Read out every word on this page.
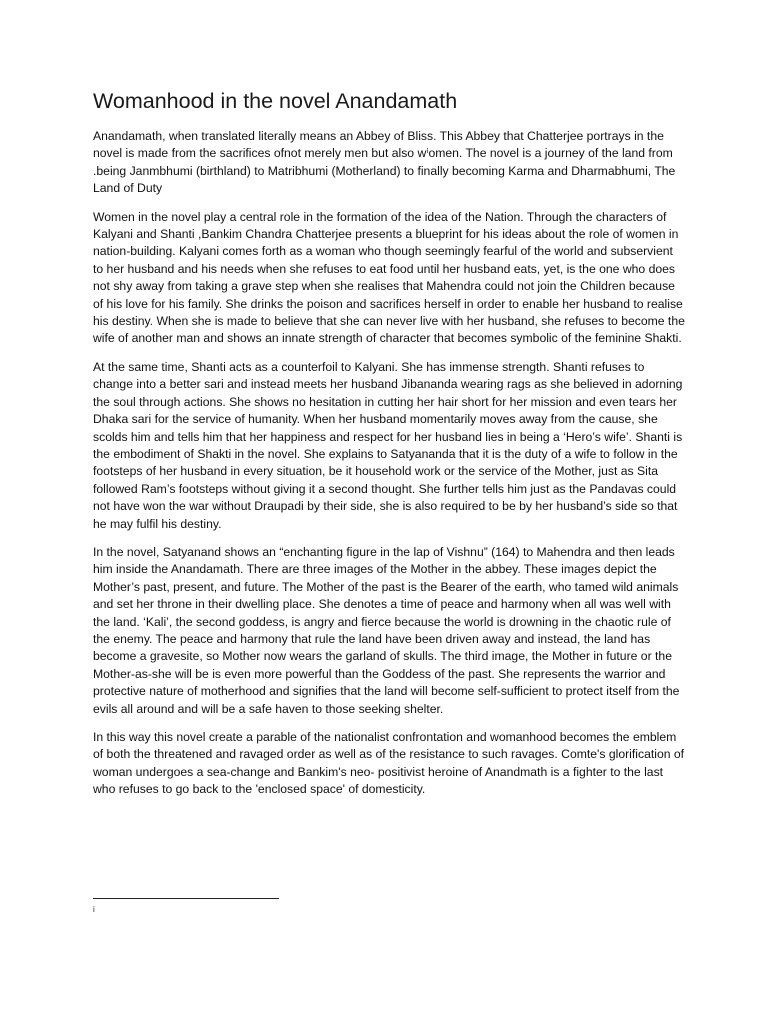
Womanhood in the novel Anandamath

Anandamath, when translated literally means an Abbey of Bliss. This Abbey that Chatterjee portrays in the novel is made from the sacrifices ofnot merely men but also wⁱomen. The novel is a journey of the land from .being Janmbhumi (birthland) to Matribhumi (Motherland) to finally becoming Karma and Dharmabhumi, The Land of Duty

Women in the novel play a central role in the formation of the idea of the Nation. Through the characters of Kalyani and Shanti ,Bankim Chandra Chatterjee presents a blueprint for his ideas about the role of women in nation-building. Kalyani comes forth as a woman who though seemingly fearful of the world and subservient to her husband and his needs when she refuses to eat food until her husband eats, yet, is the one who does not shy away from taking a grave step when she realises that Mahendra could not join the Children because of his love for his family. She drinks the poison and sacrifices herself in order to enable her husband to realise his destiny. When she is made to believe that she can never live with her husband, she refuses to become the wife of another man and shows an innate strength of character that becomes symbolic of the feminine Shakti.

At the same time, Shanti acts as a counterfoil to Kalyani. She has immense strength. Shanti refuses to change into a better sari and instead meets her husband Jibananda wearing rags as she believed in adorning the soul through actions. She shows no hesitation in cutting her hair short for her mission and even tears her Dhaka sari for the service of humanity. When her husband momentarily moves away from the cause, she scolds him and tells him that her happiness and respect for her husband lies in being a ‘Hero’s wife’. Shanti is the embodiment of Shakti in the novel. She explains to Satyananda that it is the duty of a wife to follow in the footsteps of her husband in every situation, be it household work or the service of the Mother, just as Sita followed Ram’s footsteps without giving it a second thought. She further tells him just as the Pandavas could not have won the war without Draupadi by their side, she is also required to be by her husband’s side so that he may fulfil his destiny.

In the novel, Satyanand shows an “enchanting figure in the lap of Vishnu” (164) to Mahendra and then leads him inside the Anandamath. There are three images of the Mother in the abbey. These images depict the Mother’s past, present, and future. The Mother of the past is the Bearer of the earth, who tamed wild animals and set her throne in their dwelling place. She denotes a time of peace and harmony when all was well with the land. ‘Kali’, the second goddess, is angry and fierce because the world is drowning in the chaotic rule of the enemy. The peace and harmony that rule the land have been driven away and instead, the land has become a gravesite, so Mother now wears the garland of skulls. The third image, the Mother in future or the Mother-as-she will be is even more powerful than the Goddess of the past. She represents the warrior and protective nature of motherhood and signifies that the land will become self-sufficient to protect itself from the evils all around and will be a safe haven to those seeking shelter.

In this way this novel create a parable of the nationalist confrontation and womanhood becomes the emblem of both the threatened and ravaged order as well as of the resistance to such ravages. Comte's glorification of woman undergoes a sea-change and Bankim's neo- positivist heroine of Anandmath is a fighter to the last who refuses to go back to the 'enclosed space' of domesticity.

i
